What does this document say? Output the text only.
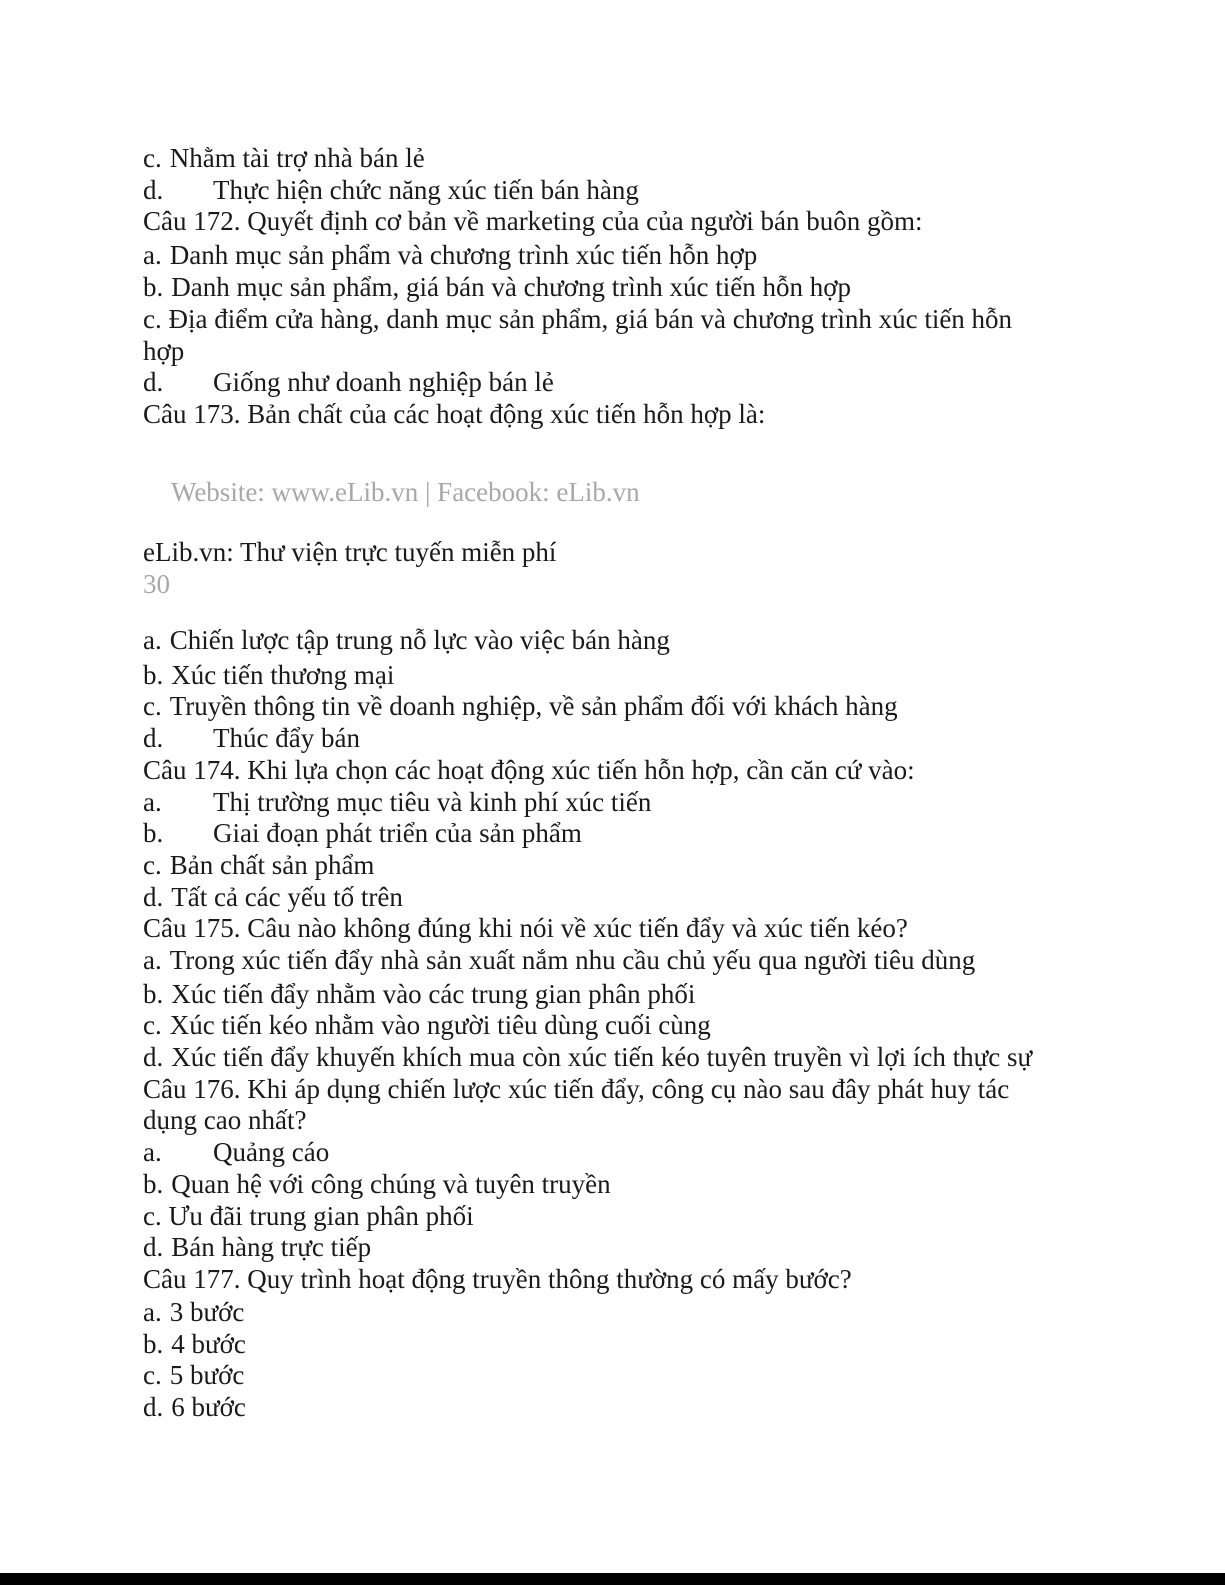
c. Nhằm tài trợ nhà bán lẻ
d. Thực hiện chức năng xúc tiến bán hàng
Câu 172. Quyết định cơ bản về marketing của của người bán buôn gồm:
a. Danh mục sản phẩm và chương trình xúc tiến hỗn hợp
b. Danh mục sản phẩm, giá bán và chương trình xúc tiến hỗn hợp
c. Địa điểm cửa hàng, danh mục sản phẩm, giá bán và chương trình xúc tiến hỗn
hợp
d. Giống như doanh nghiệp bán lẻ
Câu 173. Bản chất của các hoạt động xúc tiến hỗn hợp là:
Website: www.eLib.vn | Facebook: eLib.vn
eLib.vn: Thư viện trực tuyến miễn phí
30
a. Chiến lược tập trung nỗ lực vào việc bán hàng
b. Xúc tiến thương mại
c. Truyền thông tin về doanh nghiệp, về sản phẩm đối với khách hàng
d. Thúc đẩy bán
Câu 174. Khi lựa chọn các hoạt động xúc tiến hỗn hợp, cần căn cứ vào:
a. Thị trường mục tiêu và kinh phí xúc tiến
b. Giai đoạn phát triển của sản phẩm
c. Bản chất sản phẩm
d. Tất cả các yếu tố trên
Câu 175. Câu nào không đúng khi nói về xúc tiến đẩy và xúc tiến kéo?
a. Trong xúc tiến đẩy nhà sản xuất nắm nhu cầu chủ yếu qua người tiêu dùng
b. Xúc tiến đẩy nhằm vào các trung gian phân phối
c. Xúc tiến kéo nhằm vào người tiêu dùng cuối cùng
d. Xúc tiến đẩy khuyến khích mua còn xúc tiến kéo tuyên truyền vì lợi ích thực sự
Câu 176. Khi áp dụng chiến lược xúc tiến đẩy, công cụ nào sau đây phát huy tác
dụng cao nhất?
a. Quảng cáo
b. Quan hệ với công chúng và tuyên truyền
c. Ưu đãi trung gian phân phối
d. Bán hàng trực tiếp
Câu 177. Quy trình hoạt động truyền thông thường có mấy bước?
a. 3 bước
b. 4 bước
c. 5 bước
d. 6 bước
